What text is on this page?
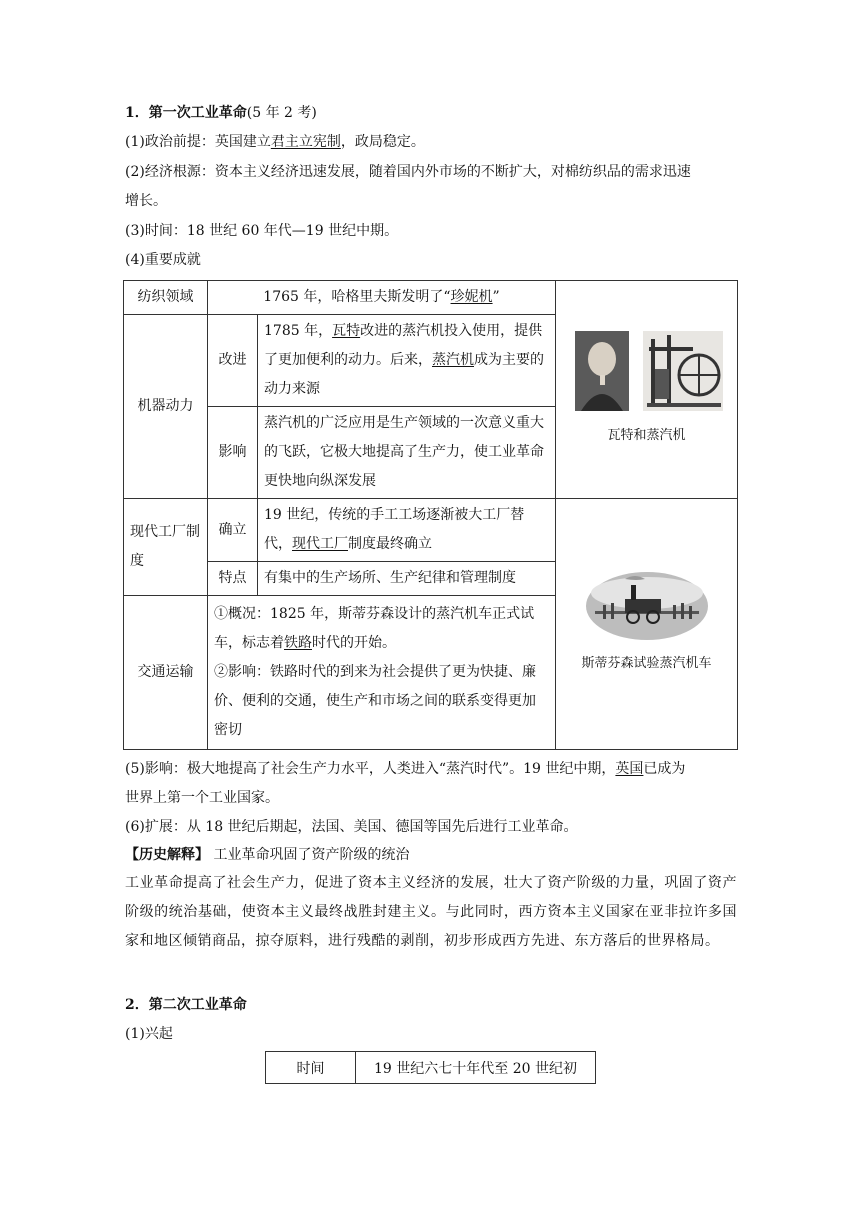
1．第一次工业革命(5 年 2 考)
(1)政治前提：英国建立君主立宪制，政局稳定。
(2)经济根源：资本主义经济迅速发展，随着国内外市场的不断扩大，对棉纺织品的需求迅速
增长。
(3)时间：18 世纪 60 年代—19 世纪中期。
(4)重要成就
纺织领域	1765 年，哈格里夫斯发明了“珍妮机”		瓦特和蒸汽机

机器动力	改进	1785 年，瓦特改进的蒸汽机投入使用，提供了更加便利的动力。后来，蒸汽机成为主要的动力来源	
	影响	蒸汽机的广泛应用是生产领域的一次意义重大的飞跃，它极大地提高了生产力，使工业革命更快地向纵深发展	
现代工厂制度	确立	19 世纪，传统的手工工场逐渐被大工厂替代，现代工厂制度最终确立	斯蒂芬森试验蒸汽机车

	特点	有集中的生产场所、生产纪律和管理制度	
交通运输	①概况：1825 年，斯蒂芬森设计的蒸汽机车正式试车，标志着铁路时代的开始。
②影响：铁路时代的到来为社会提供了更为快捷、廉价、便利的交通，使生产和市场之间的联系变得更加密切		
(5)影响：极大地提高了社会生产力水平，人类进入“蒸汽时代”。19 世纪中期，英国已成为
世界上第一个工业国家。
(6)扩展：从 18 世纪后期起，法国、美国、德国等国先后进行工业革命。
【历史解释】 工业革命巩固了资产阶级的统治
工业革命提高了社会生产力，促进了资本主义经济的发展，壮大了资产阶级的力量，巩固了资产阶级的统治基础，使资本主义最终战胜封建主义。与此同时，西方资本主义国家在亚非拉许多国家和地区倾销商品，掠夺原料，进行残酷的剥削，初步形成西方先进、东方落后的世界格局。
2．第二次工业革命
(1)兴起
时间	19 世纪六七十年代至 20 世纪初
